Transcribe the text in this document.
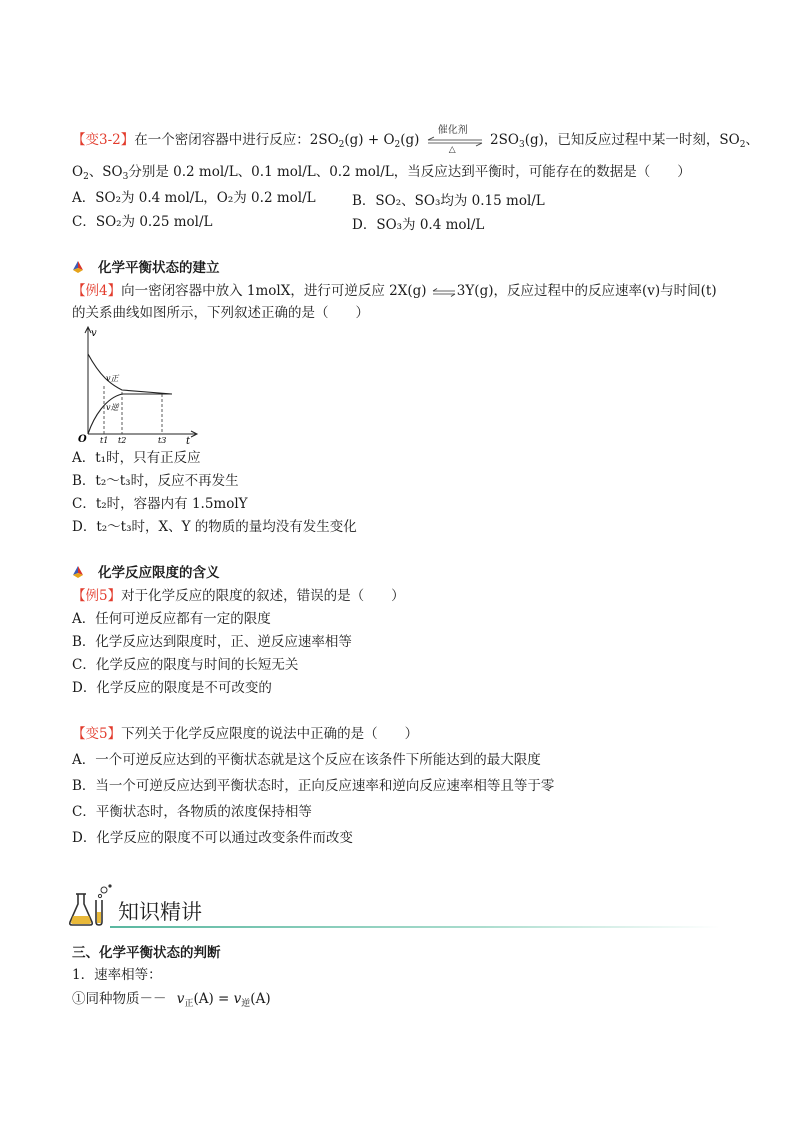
【变3-2】在一个密闭容器中进行反应：$2SO_2(g) + O_2(g)$
催化剂
△
$2SO_3(g)$，已知反应过程中某一时刻，$SO_2$、
$O_2$、$SO_3$分别是 0.2 mol/L、0.1 mol/L、0.2 mol/L，当反应达到平衡时，可能存在的数据是（　　）
A．SO₂为 0.4 mol/L，O₂为 0.2 mol/L	B．SO₂、SO₃均为 0.15 mol/L
C．SO₂为 0.25 mol/L	D．SO₃为 0.4 mol/L
化学平衡状态的建立
【例4】向一密闭容器中放入 1molX，进行可逆反应 2X(g) ⇌3Y(g)，反应过程中的反应速率(v)与时间(t)
的关系曲线如图所示，下列叙述正确的是（　　）
v
t
O
v正
v逆
t1 t2	t3
A．t₁时，只有正反应
B．t₂～t₃时，反应不再发生
C．t₂时，容器内有 1.5molY
D．t₂～t₃时，X、Y 的物质的量均没有发生变化
化学反应限度的含义
【例5】对于化学反应的限度的叙述，错误的是（　　）
A．任何可逆反应都有一定的限度
B．化学反应达到限度时，正、逆反应速率相等
C．化学反应的限度与时间的长短无关
D．化学反应的限度是不可改变的
【变5】下列关于化学反应限度的说法中正确的是（　　）
A．一个可逆反应达到的平衡状态就是这个反应在该条件下所能达到的最大限度
B．当一个可逆反应达到平衡状态时，正向反应速率和逆向反应速率相等且等于零
C．平衡状态时，各物质的浓度保持相等
D．化学反应的限度不可以通过改变条件而改变
知识精讲
三、化学平衡状态的判断
1．速率相等：
①同种物质－－ $v_正(A) = v_逆(A)$
